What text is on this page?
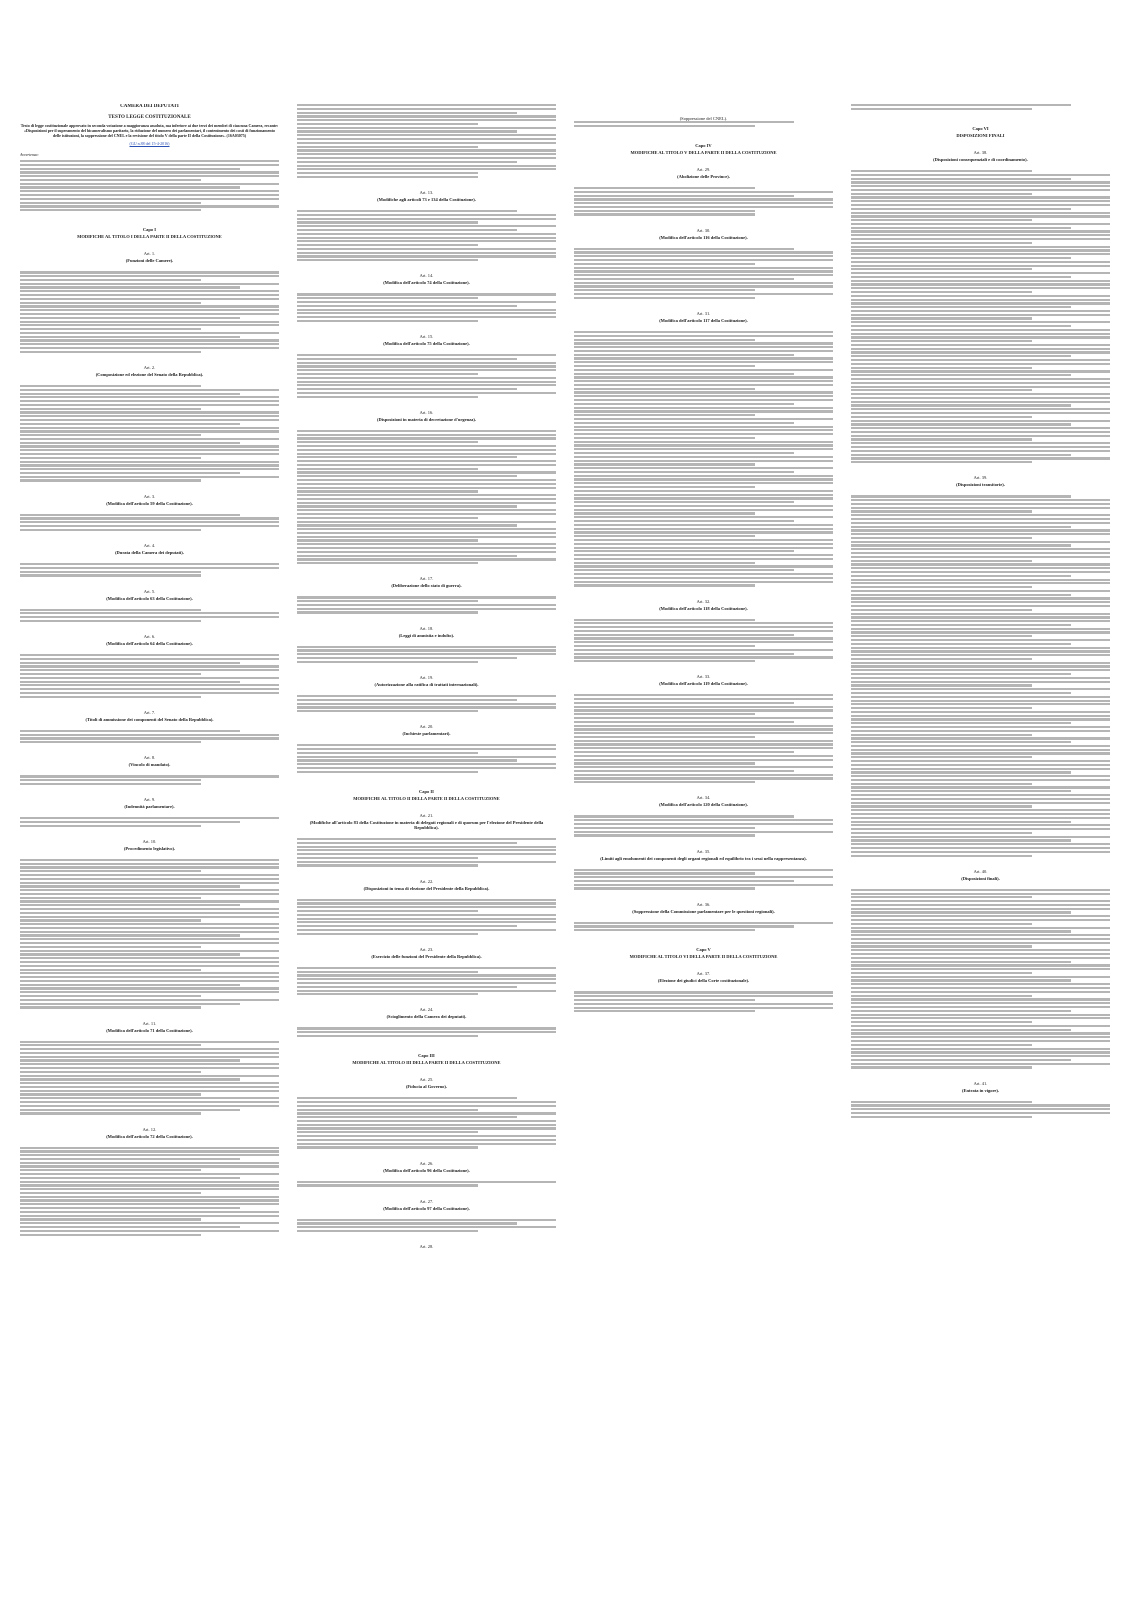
CAMERA DEI DEPUTATI
TESTO LEGGE COSTITUZIONALE
Testo di legge costituzionale approvato in seconda votazione a maggioranza assoluta, ma inferiore ai due terzi dei membri di ciascuna Camera, recante: «Disposizioni per il superamento del bicameralismo paritario, la riduzione del numero dei parlamentari, il contenimento dei costi di funzionamento delle istituzioni, la soppressione del CNEL e la revisione del titolo V della parte II della Costituzione». (16A03075)
(GU n.88 del 15-4-2016)
Avvertenza:
Capo I
MODIFICHE AL TITOLO I DELLA PARTE II DELLA COSTITUZIONE
Art. 1.
(Funzioni delle Camere).
Art. 2.
(Composizione ed elezione del Senato della Repubblica).
Art. 3.
(Modifica dell'articolo 59 della Costituzione).
Art. 4.
(Durata della Camera dei deputati).
Art. 5.
(Modifica dell'articolo 63 della Costituzione).
Art. 6.
(Modifica dell'articolo 64 della Costituzione).
Art. 7.
(Titoli di ammissione dei componenti del Senato della Repubblica).
Art. 8.
(Vincolo di mandato).
Art. 9.
(Indennità parlamentare).
Art. 10.
(Procedimento legislativo).
Art. 11.
(Modifica dell'articolo 71 della Costituzione).
Art. 12.
(Modifica dell'articolo 72 della Costituzione).
Art. 13.
(Modifiche agli articoli 73 e 134 della Costituzione).
Art. 14.
(Modifica dell'articolo 74 della Costituzione).
Art. 15.
(Modifica dell'articolo 75 della Costituzione).
Art. 16.
(Disposizioni in materia di decretazione d'urgenza).
Art. 17.
(Deliberazione dello stato di guerra).
Art. 18.
(Leggi di amnistia e indulto).
Art. 19.
(Autorizzazione alla ratifica di trattati internazionali).
Art. 20.
(Inchieste parlamentari).
Capo II
MODIFICHE AL TITOLO II DELLA PARTE II DELLA COSTITUZIONE
Art. 21.
(Modifiche all'articolo 83 della Costituzione in materia di delegati regionali e di quorum per l'elezione del Presidente della Repubblica).
Art. 22.
(Disposizioni in tema di elezione del Presidente della Repubblica).
Art. 23.
(Esercizio delle funzioni del Presidente della Repubblica).
Art. 24.
(Scioglimento della Camera dei deputati).
Capo III
MODIFICHE AL TITOLO III DELLA PARTE II DELLA COSTITUZIONE
Art. 25.
(Fiducia al Governo).
Art. 26.
(Modifica dell'articolo 96 della Costituzione).
Art. 27.
(Modifica dell'articolo 97 della Costituzione).
Art. 28.
(Soppressione del CNEL).
Capo IV
MODIFICHE AL TITOLO V DELLA PARTE II DELLA COSTITUZIONE
Art. 29.
(Abolizione delle Province).
Art. 30.
(Modifica dell'articolo 116 della Costituzione).
Art. 31.
(Modifica dell'articolo 117 della Costituzione).
Art. 32.
(Modifica dell'articolo 118 della Costituzione).
Art. 33.
(Modifica dell'articolo 119 della Costituzione).
Art. 34.
(Modifica dell'articolo 120 della Costituzione).
Art. 35.
(Limiti agli emolumenti dei componenti degli organi regionali ed equilibrio tra i sessi nella rappresentanza).
Art. 36.
(Soppressione della Commissione parlamentare per le questioni regionali).
Capo V
MODIFICHE AL TITOLO VI DELLA PARTE II DELLA COSTITUZIONE
Art. 37.
(Elezione dei giudici della Corte costituzionale).
Capo VI
DISPOSIZIONI FINALI
Art. 38.
(Disposizioni consequenziali e di coordinamento).
Art. 39.
(Disposizioni transitorie).
Art. 40.
(Disposizioni finali).
Art. 41.
(Entrata in vigore).
